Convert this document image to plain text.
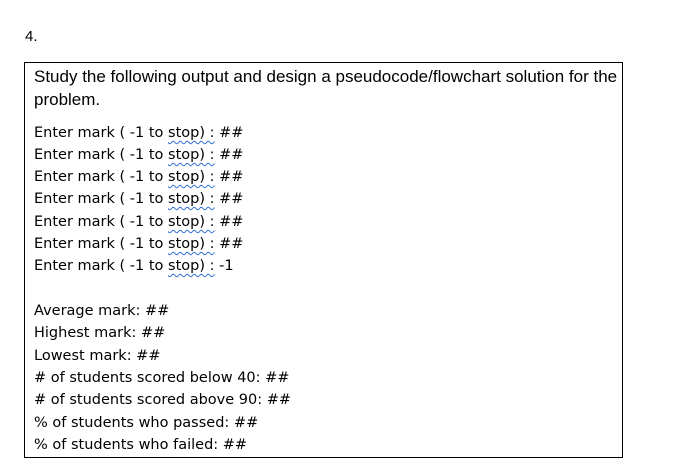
4.

Study the following output and design a pseudocode/flowchart solution for the problem.

Enter mark ( -1 to stop) : ##
Enter mark ( -1 to stop) : ##
Enter mark ( -1 to stop) : ##
Enter mark ( -1 to stop) : ##
Enter mark ( -1 to stop) : ##
Enter mark ( -1 to stop) : ##
Enter mark ( -1 to stop) : -1
Average mark: ##
Highest mark: ##
Lowest mark: ##
# of students scored below 40: ##
# of students scored above 90: ##
% of students who passed: ##
% of students who failed: ##
